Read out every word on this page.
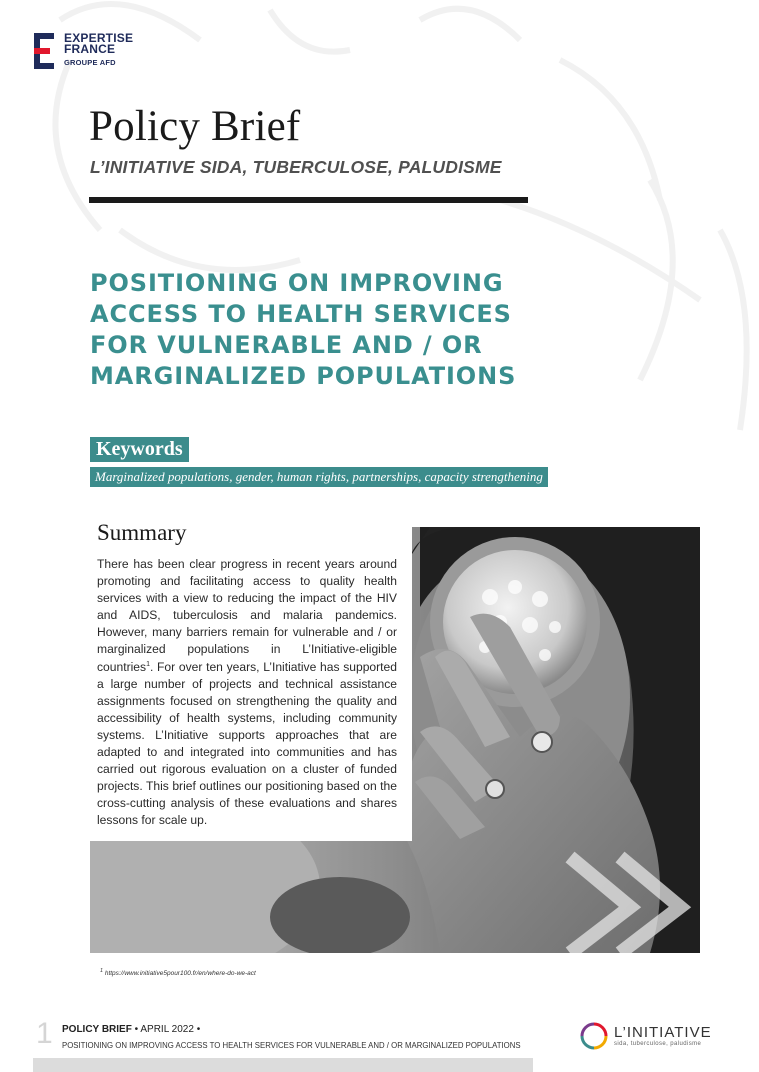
EXPERTISE
FRANCE
GROUPE AFD
Policy Brief
L’INITIATIVE SIDA, TUBERCULOSE, PALUDISME
POSITIONING ON IMPROVING
ACCESS TO HEALTH SERVICES
FOR VULNERABLE AND / OR
MARGINALIZED POPULATIONS
Keywords
Marginalized populations, gender, human rights, partnerships, capacity strengthening
Summary

There has been clear progress in recent years around promoting and facilitating access to quality health services with a view to reducing the impact of the HIV and AIDS, tuberculosis and malaria pandemics. However, many barriers remain for vulnerable and / or marginalized populations in L’Initiative-eligible countries$^1$. For over ten years, L’Initiative has supported a large number of projects and technical assistance assignments focused on strengthening the quality and accessibility of health systems, including community systems. L’Initiative supports approaches that are adapted to and integrated into communities and has carried out rigorous evaluation on a cluster of funded projects. This brief outlines our positioning based on the cross-cutting analysis of these evaluations and shares lessons for scale up.

$^1$ https://www.initiative5pour100.fr/en/where-do-we-act
1 POLICY BRIEF • APRIL 2022 •
POSITIONING ON IMPROVING ACCESS TO HEALTH SERVICES FOR VULNERABLE AND / OR MARGINALIZED POPULATIONS
L’INITIATIVE
sida, tuberculose, paludisme
